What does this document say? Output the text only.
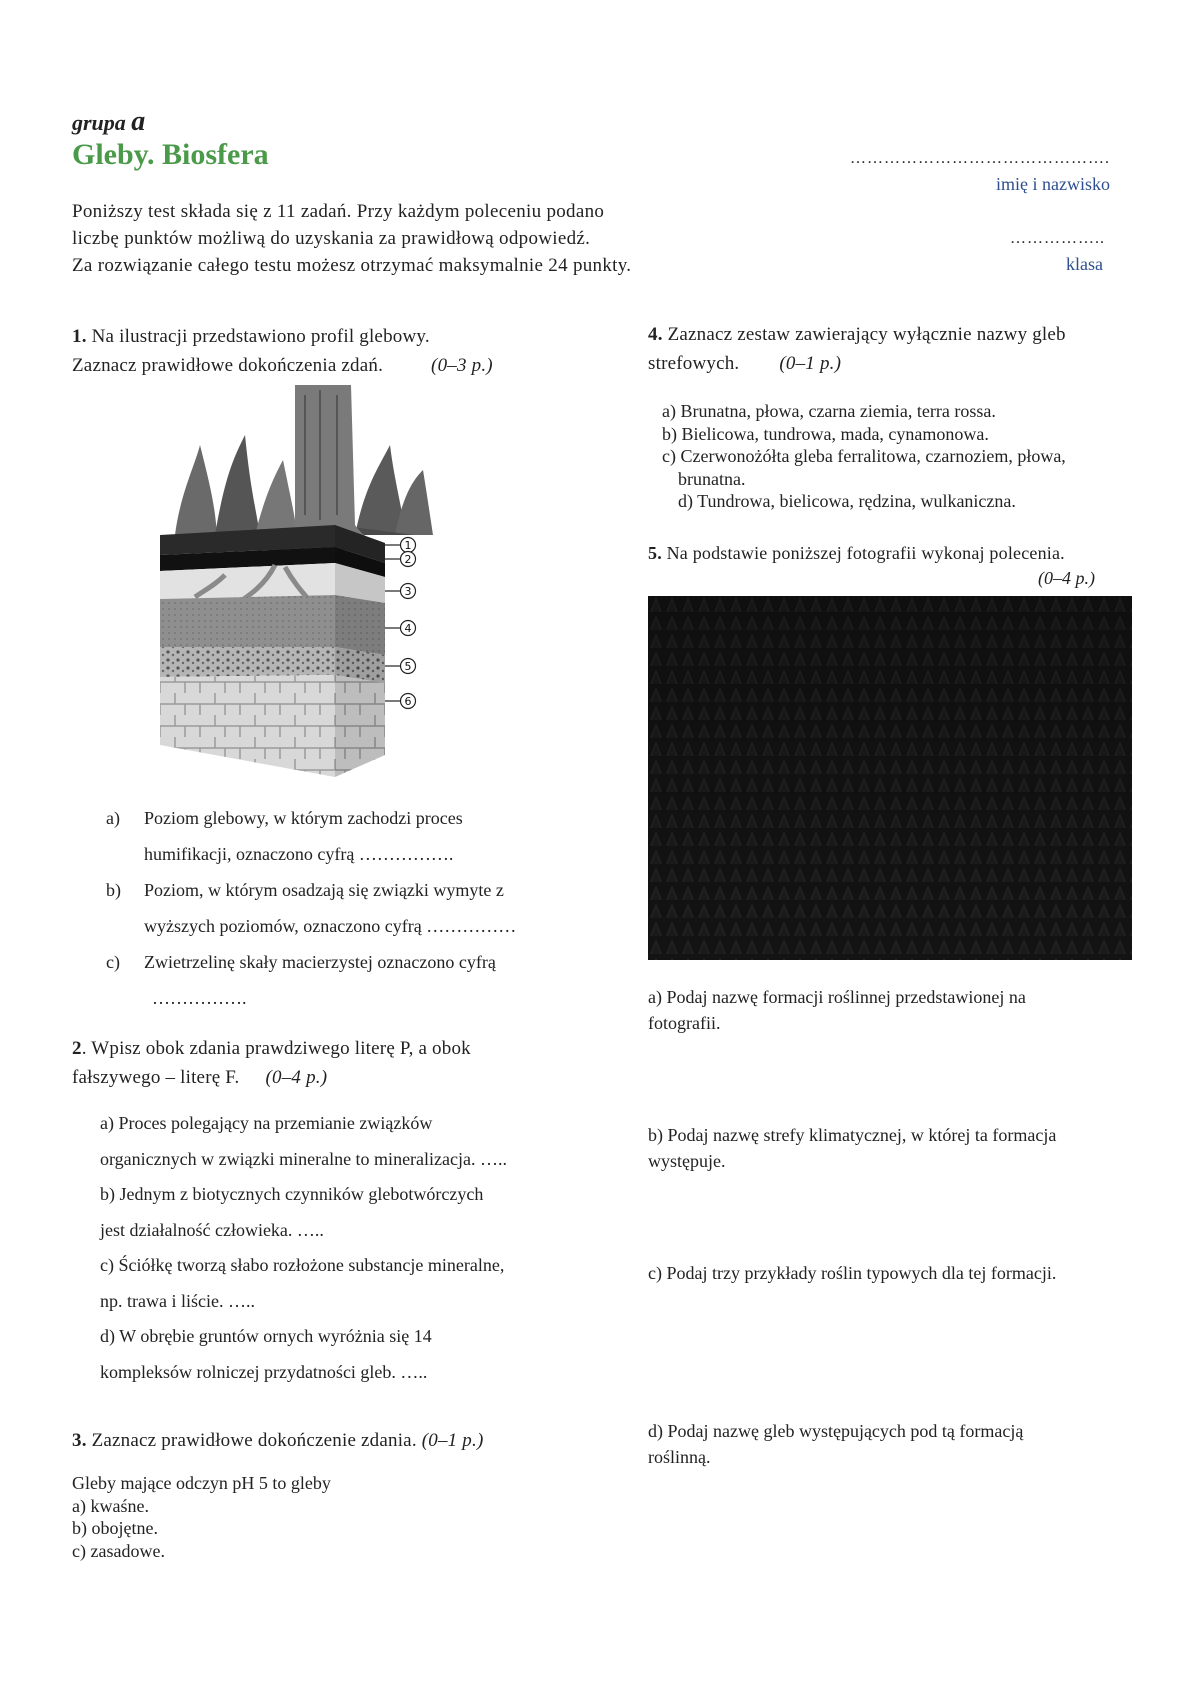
grupa a
Gleby. Biosfera
Poniższy test składa się z 11 zadań. Przy każdym poleceniu podano
liczbę punktów możliwą do uzyskania za prawidłową odpowiedź.
Za rozwiązanie całego testu możesz otrzymać maksymalnie 24 punkty.
……………………………………….
imię i nazwisko
……………..
klasa
1. Na ilustracji przedstawiono profil glebowy.
Zaznacz prawidłowe dokończenia zdań.	(0–3 p.)
1
2
3
4
5
6
a)	Poziom glebowy, w którym zachodzi proces
humifikacji, oznaczono cyfrą …………….
b)	Poziom, w którym osadzają się związki wymyte z
wyższych poziomów, oznaczono cyfrą ……………
c)	Zwietrzelinę skały macierzystej oznaczono cyfrą
…………….
2. Wpisz obok zdania prawdziwego literę P, a obok
fałszywego – literę F. (0–4 p.)
a) Proces polegający na przemianie związków
organicznych w związki mineralne to mineralizacja. …..
b) Jednym z biotycznych czynników glebotwórczych
jest działalność człowieka. …..
c) Ściółkę tworzą słabo rozłożone substancje mineralne,
np. trawa i liście. …..
d) W obrębie gruntów ornych wyróżnia się 14
kompleksów rolniczej przydatności gleb. …..
3. Zaznacz prawidłowe dokończenie zdania. (0–1 p.)
Gleby mające odczyn pH 5 to gleby
a) kwaśne.
b) obojętne.
c) zasadowe.
4. Zaznacz zestaw zawierający wyłącznie nazwy gleb
strefowych. (0–1 p.)
a) Brunatna, płowa, czarna ziemia, terra rossa.
b) Bielicowa, tundrowa, mada, cynamonowa.
c) Czerwonożółta gleba ferralitowa, czarnoziem, płowa,
brunatna.
d) Tundrowa, bielicowa, rędzina, wulkaniczna.
5. Na podstawie poniższej fotografii wykonaj polecenia.
(0–4 p.)
a) Podaj nazwę formacji roślinnej przedstawionej na
fotografii.
b) Podaj nazwę strefy klimatycznej, w której ta formacja
występuje.
c) Podaj trzy przykłady roślin typowych dla tej formacji.
d) Podaj nazwę gleb występujących pod tą formacją
roślinną.
